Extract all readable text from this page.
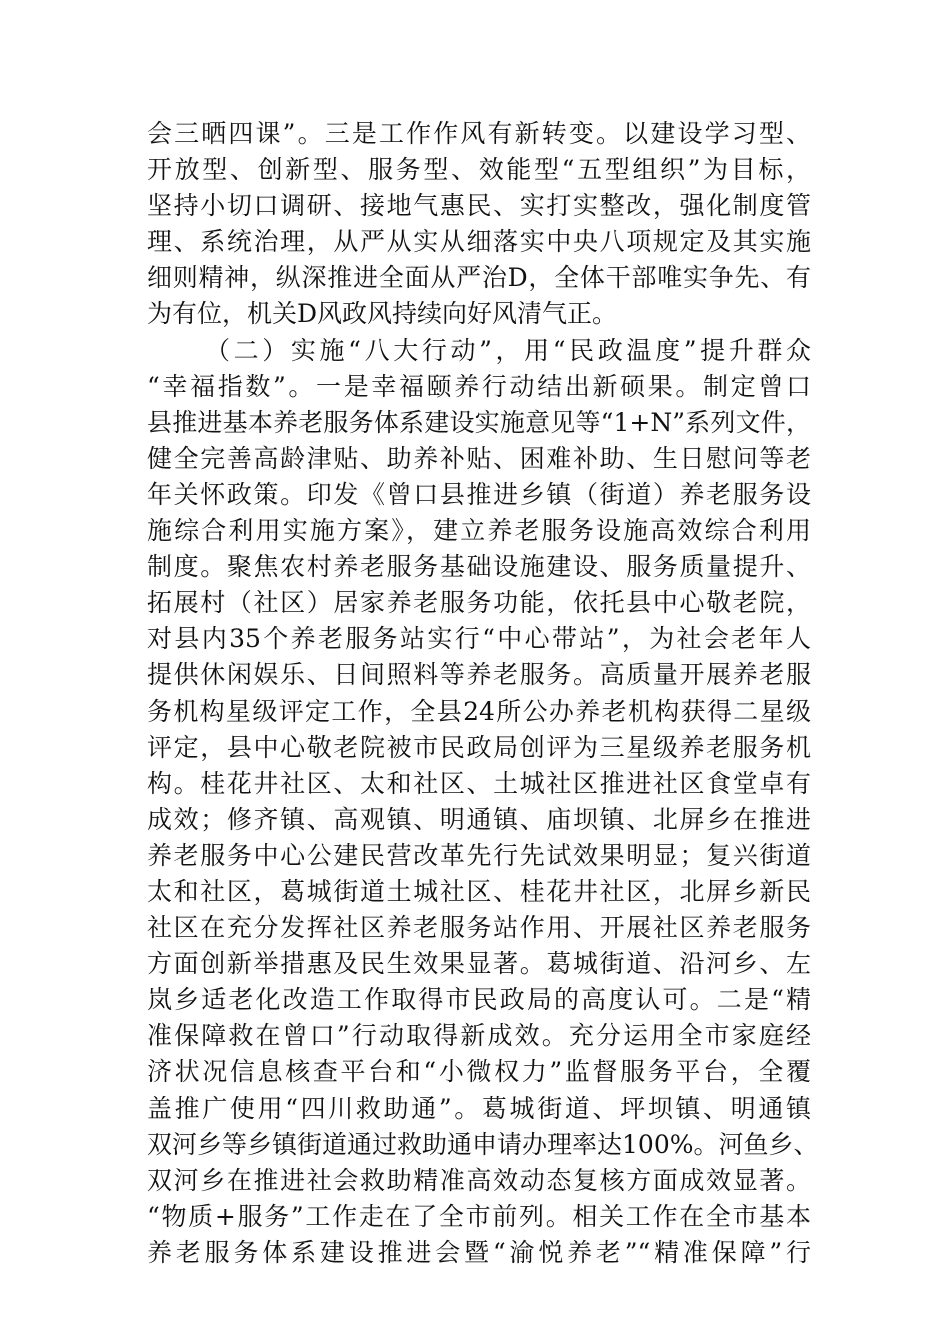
会三晒四课”。三是工作作风有新转变。以建设学习型、
开放型、创新型、服务型、效能型“五型组织”为目标，
坚持小切口调研、接地气惠民、实打实整改，强化制度管
理、系统治理，从严从实从细落实中央八项规定及其实施
细则精神，纵深推进全面从严治D，全体干部唯实争先、有
为有位，机关D风政风持续向好风清气正。
（二）实施“八大行动”，用“民政温度”提升群众
“幸福指数”。一是幸福颐养行动结出新硕果。制定曾口
县推进基本养老服务体系建设实施意见等“1+N”系列文件，
健全完善高龄津贴、助养补贴、困难补助、生日慰问等老
年关怀政策。印发《曾口县推进乡镇（街道）养老服务设
施综合利用实施方案》，建立养老服务设施高效综合利用
制度。聚焦农村养老服务基础设施建设、服务质量提升、
拓展村（社区）居家养老服务功能，依托县中心敬老院，
对县内35个养老服务站实行“中心带站”，为社会老年人
提供休闲娱乐、日间照料等养老服务。高质量开展养老服
务机构星级评定工作，全县24所公办养老机构获得二星级
评定，县中心敬老院被市民政局创评为三星级养老服务机
构。桂花井社区、太和社区、土城社区推进社区食堂卓有
成效；修齐镇、高观镇、明通镇、庙坝镇、北屏乡在推进
养老服务中心公建民营改革先行先试效果明显；复兴街道
太和社区，葛城街道土城社区、桂花井社区，北屏乡新民
社区在充分发挥社区养老服务站作用、开展社区养老服务
方面创新举措惠及民生效果显著。葛城街道、沿河乡、左
岚乡适老化改造工作取得市民政局的高度认可。二是“精
准保障救在曾口”行动取得新成效。充分运用全市家庭经
济状况信息核查平台和“小微权力”监督服务平台，全覆
盖推广使用“四川救助通”。葛城街道、坪坝镇、明通镇
双河乡等乡镇街道通过救助通申请办理率达100%。河鱼乡、
双河乡在推进社会救助精准高效动态复核方面成效显著。
“物质+服务”工作走在了全市前列。相关工作在全市基本
养老服务体系建设推进会暨“渝悦养老”“精准保障”行
